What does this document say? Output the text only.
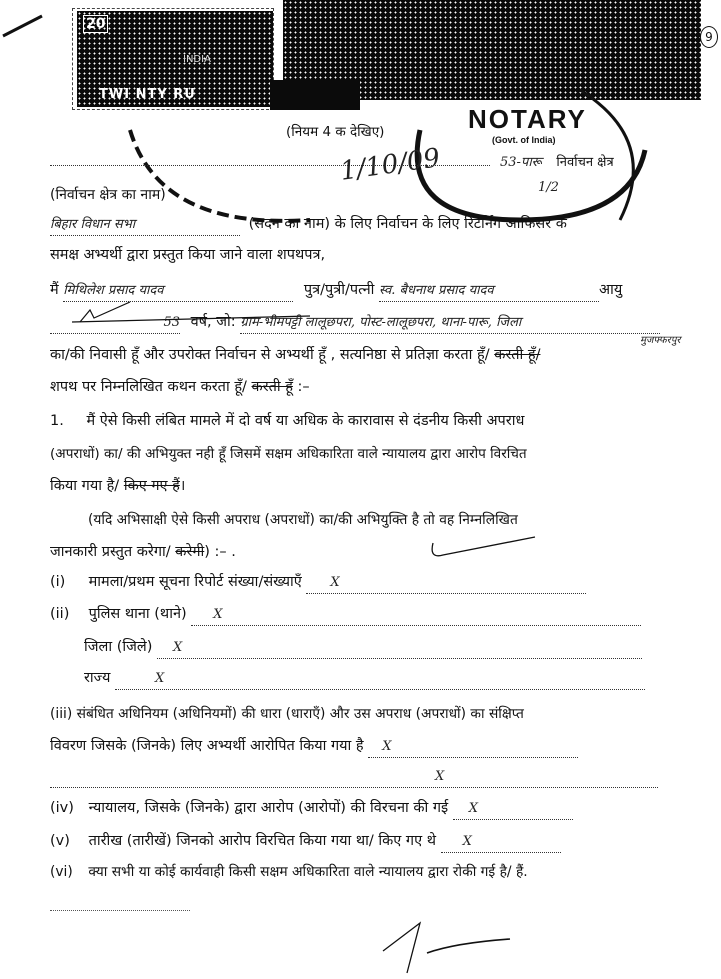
20
INDIA
TWI NTY RU
9
NOTARY
(Govt. of India)
1/2
(नियम 4 क देखिए)
1/10/09	53-पारू निर्वाचन क्षेत्र
(निर्वाचन क्षेत्र का नाम)
बिहार विधान सभा	(सदन का नाम) के लिए निर्वाचन के लिए रिटर्निंग आफिसर के
समक्ष अभ्यर्थी द्वारा प्रस्तुत किया जाने वाला शपथपत्र,
मैं मिथिलेश प्रसाद यादव	पुत्र/पुत्री/पत्नी स्व. बैधनाथ प्रसाद यादव	आयु
53 वर्ष, जो: ग्राम-भीमपट्टी लालूछपरा, पोस्ट-लालूछपरा, थाना-पारू, जिला
मुजफ्फरपुर
का/की निवासी हूँ और उपरोक्त निर्वाचन से अभ्यर्थी हूँ , सत्यनिष्ठा से प्रतिज्ञा करता हूँ/ करती हूँ/
शपथ पर निम्नलिखित कथन करता हूँ/ करती हूँ :–
1. मैं ऐसे किसी लंबित मामले में दो वर्ष या अधिक के कारावास से दंडनीय किसी अपराध
(अपराधों) का/ की अभियुक्त नही हूँ जिसमें सक्षम अधिकारिता वाले न्यायालय द्वारा आरोप विरचित
किया गया है/ किए गए हैं।
(यदि अभिसाक्षी ऐसे किसी अपराध (अपराधों) का/की अभियुक्ति है तो वह निम्नलिखित
जानकारी प्रस्तुत करेगा/ करेगी) :– .
(i) मामला/प्रथम सूचना रिपोर्ट संख्या/संख्याएँ X
(ii) पुलिस थाना (थाने) X
जिला (जिले) X
राज्य	X
(iii) संबंधित अधिनियम (अधिनियमों) की धारा (धाराएँ) और उस अपराध (अपराधों) का संक्षिप्त
विवरण जिसके (जिनके) लिए अभ्यर्थी आरोपित किया गया है X
X
(iv) न्यायालय, जिसके (जिनके) द्वारा आरोप (आरोपों) की विरचना की गई X
(v) तारीख (तारीखें) जिनको आरोप विरचित किया गया था/ किए गए थे X
(vi) क्या सभी या कोई कार्यवाही किसी सक्षम अधिकारिता वाले न्यायालय द्वारा रोकी गई है/ हैं.
